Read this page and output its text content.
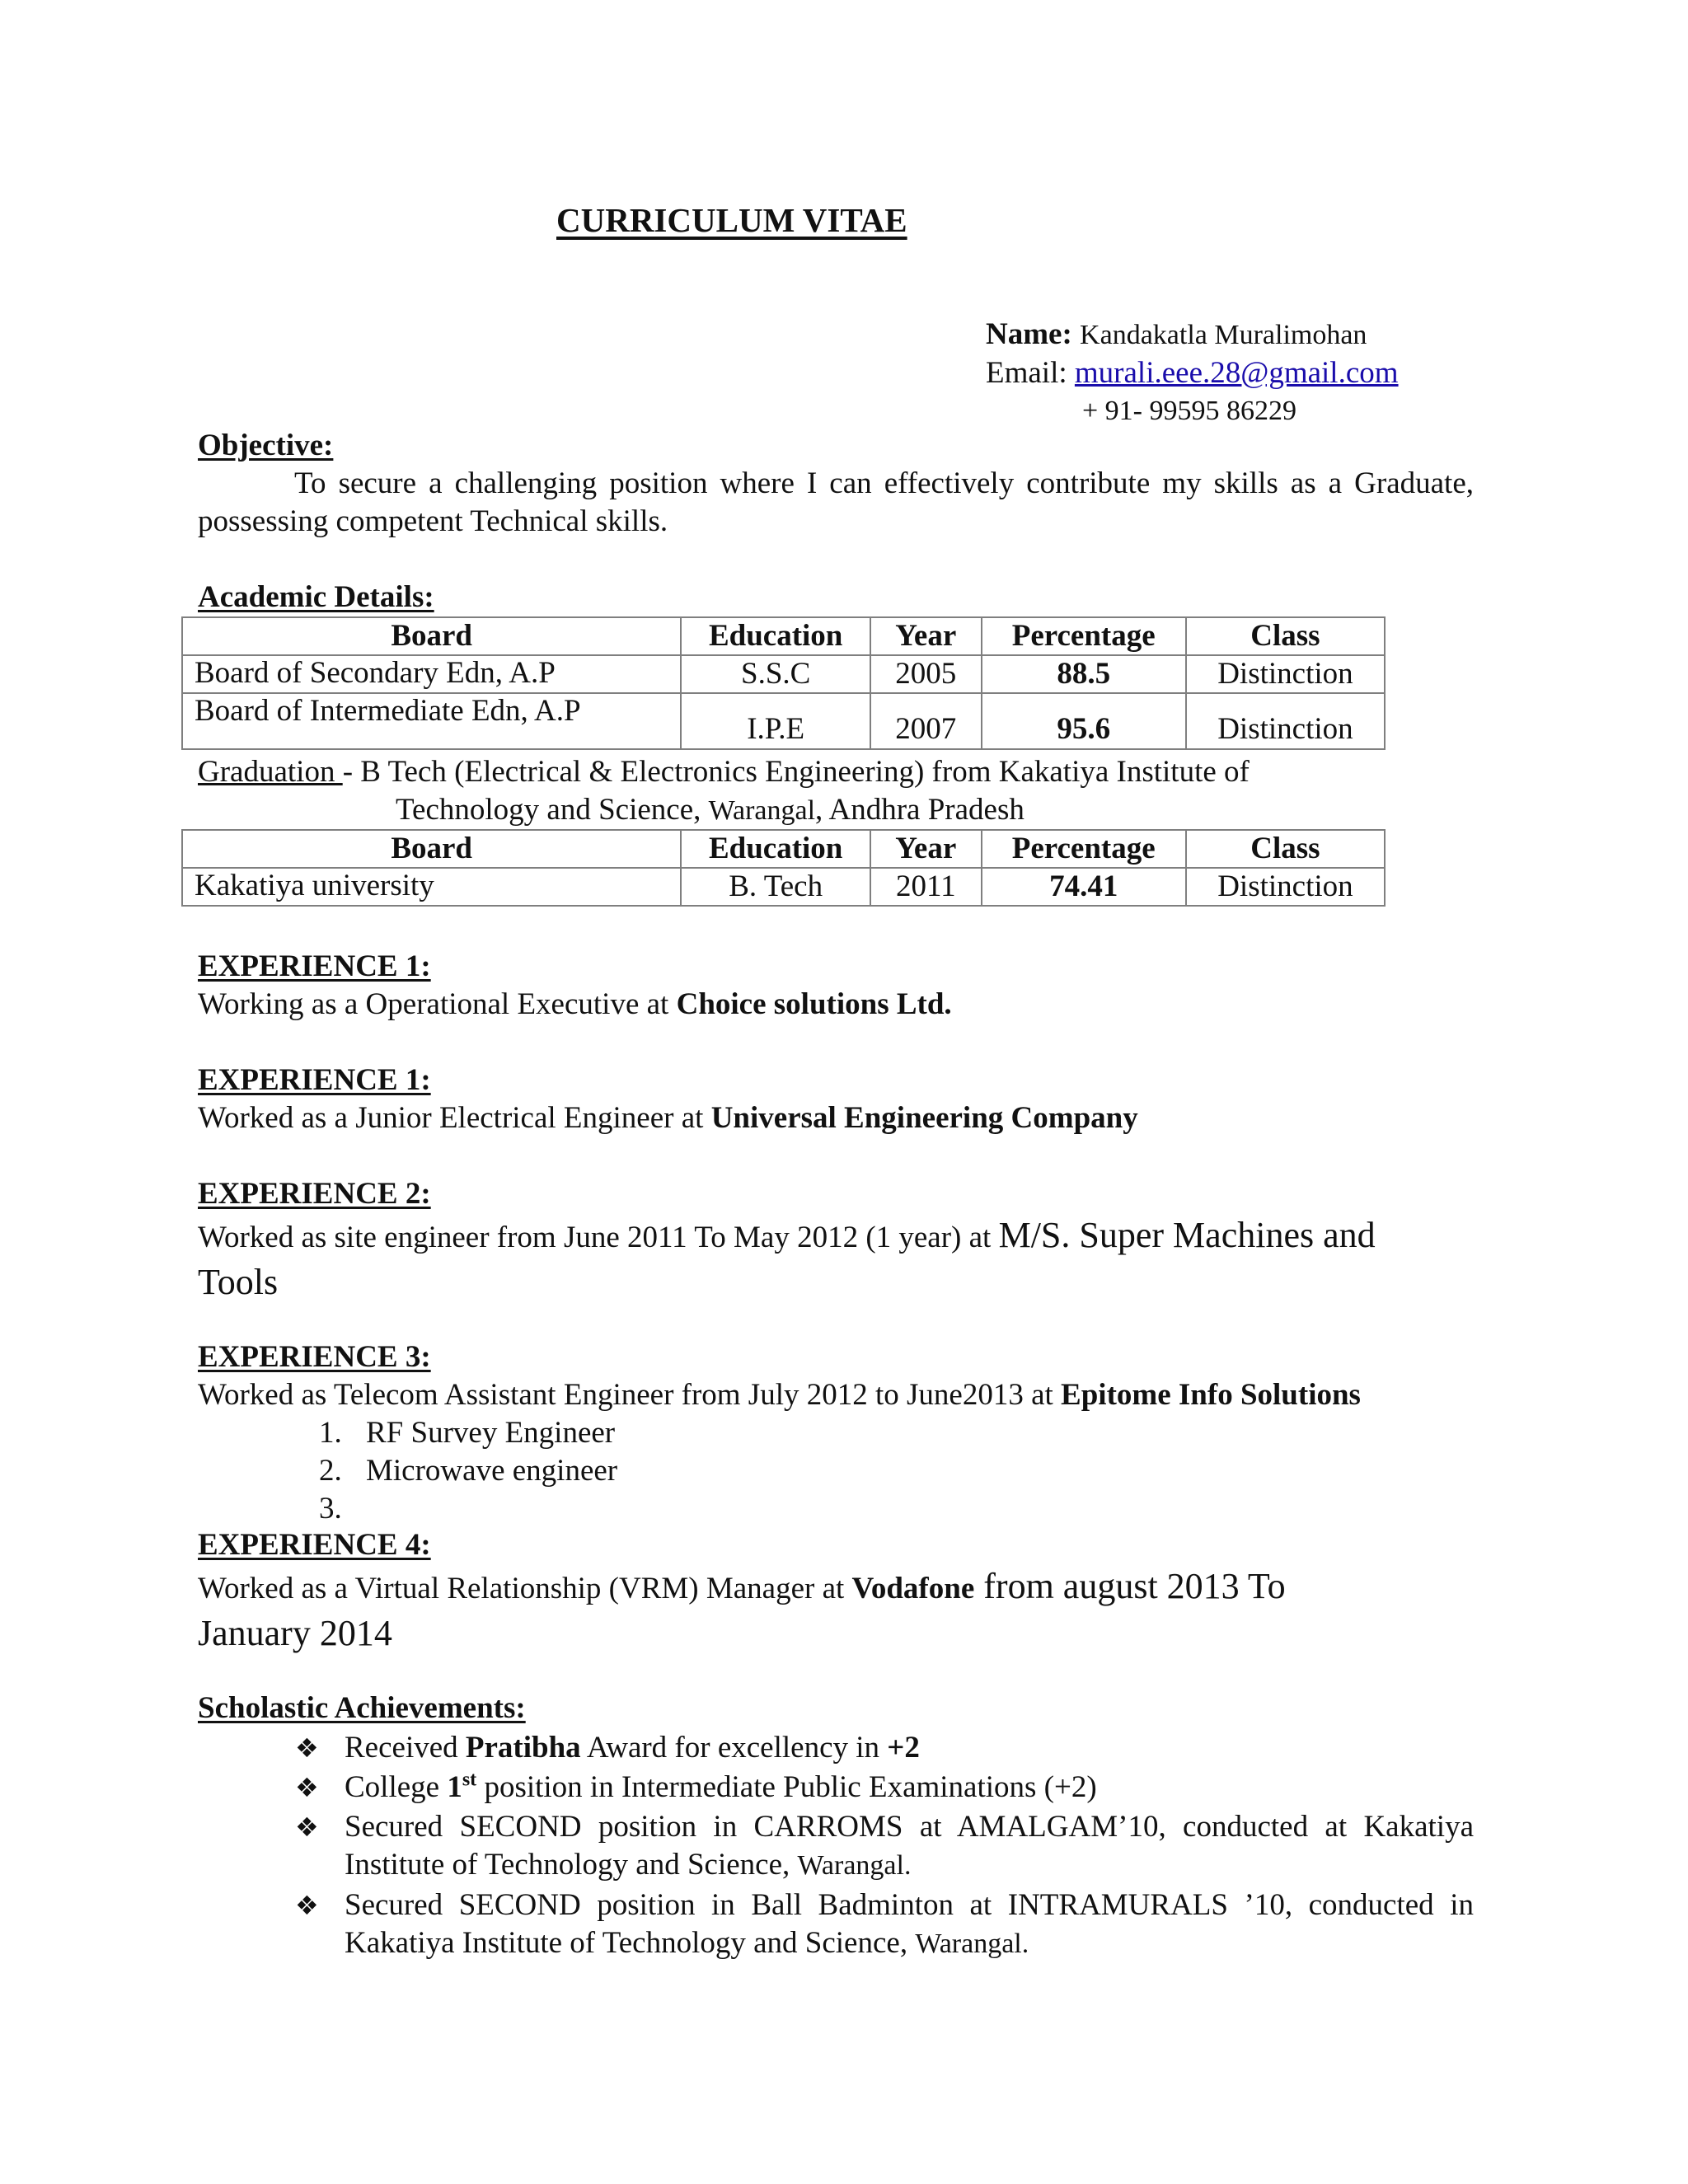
CURRICULUM VITAE
Name: Kandakatla Muralimohan
Email: murali.eee.28@gmail.com
+ 91- 99595 86229
Objective:
To secure a challenging position where I can effectively contribute my skills as a Graduate, possessing competent Technical skills.
Academic Details:
Board	Education	Year	Percentage	Class
Board of Secondary Edn, A.P	S.S.C	2005	88.5	Distinction
Board of Intermediate Edn, A.P	I.P.E	2007	95.6	Distinction
Graduation - B Tech (Electrical & Electronics Engineering) from Kakatiya Institute of
Technology and Science, Warangal, Andhra Pradesh
Board	Education	Year	Percentage	Class
Kakatiya university	B. Tech	2011	74.41	Distinction
EXPERIENCE 1:
Working as a Operational Executive at Choice solutions Ltd.
EXPERIENCE 1:
Worked as a Junior Electrical Engineer at Universal Engineering Company
EXPERIENCE 2:
Worked as site engineer from June 2011 To May 2012 (1 year) at M/S. Super Machines and
Tools
EXPERIENCE 3:
Worked as Telecom Assistant Engineer from July 2012 to June2013 at Epitome Info Solutions
1. RF Survey Engineer
2. Microwave engineer
3.
EXPERIENCE 4:
Worked as a Virtual Relationship (VRM) Manager at Vodafone from august 2013 To
January 2014
Scholastic Achievements:
❖ Received Pratibha Award for excellency in +2
❖ College 1st position in Intermediate Public Examinations (+2)
❖ Secured SECOND position in CARROMS at AMALGAM’10, conducted at Kakatiya Institute of Technology and Science, Warangal.
❖ Secured SECOND position in Ball Badminton at INTRAMURALS ’10, conducted in Kakatiya Institute of Technology and Science, Warangal.
